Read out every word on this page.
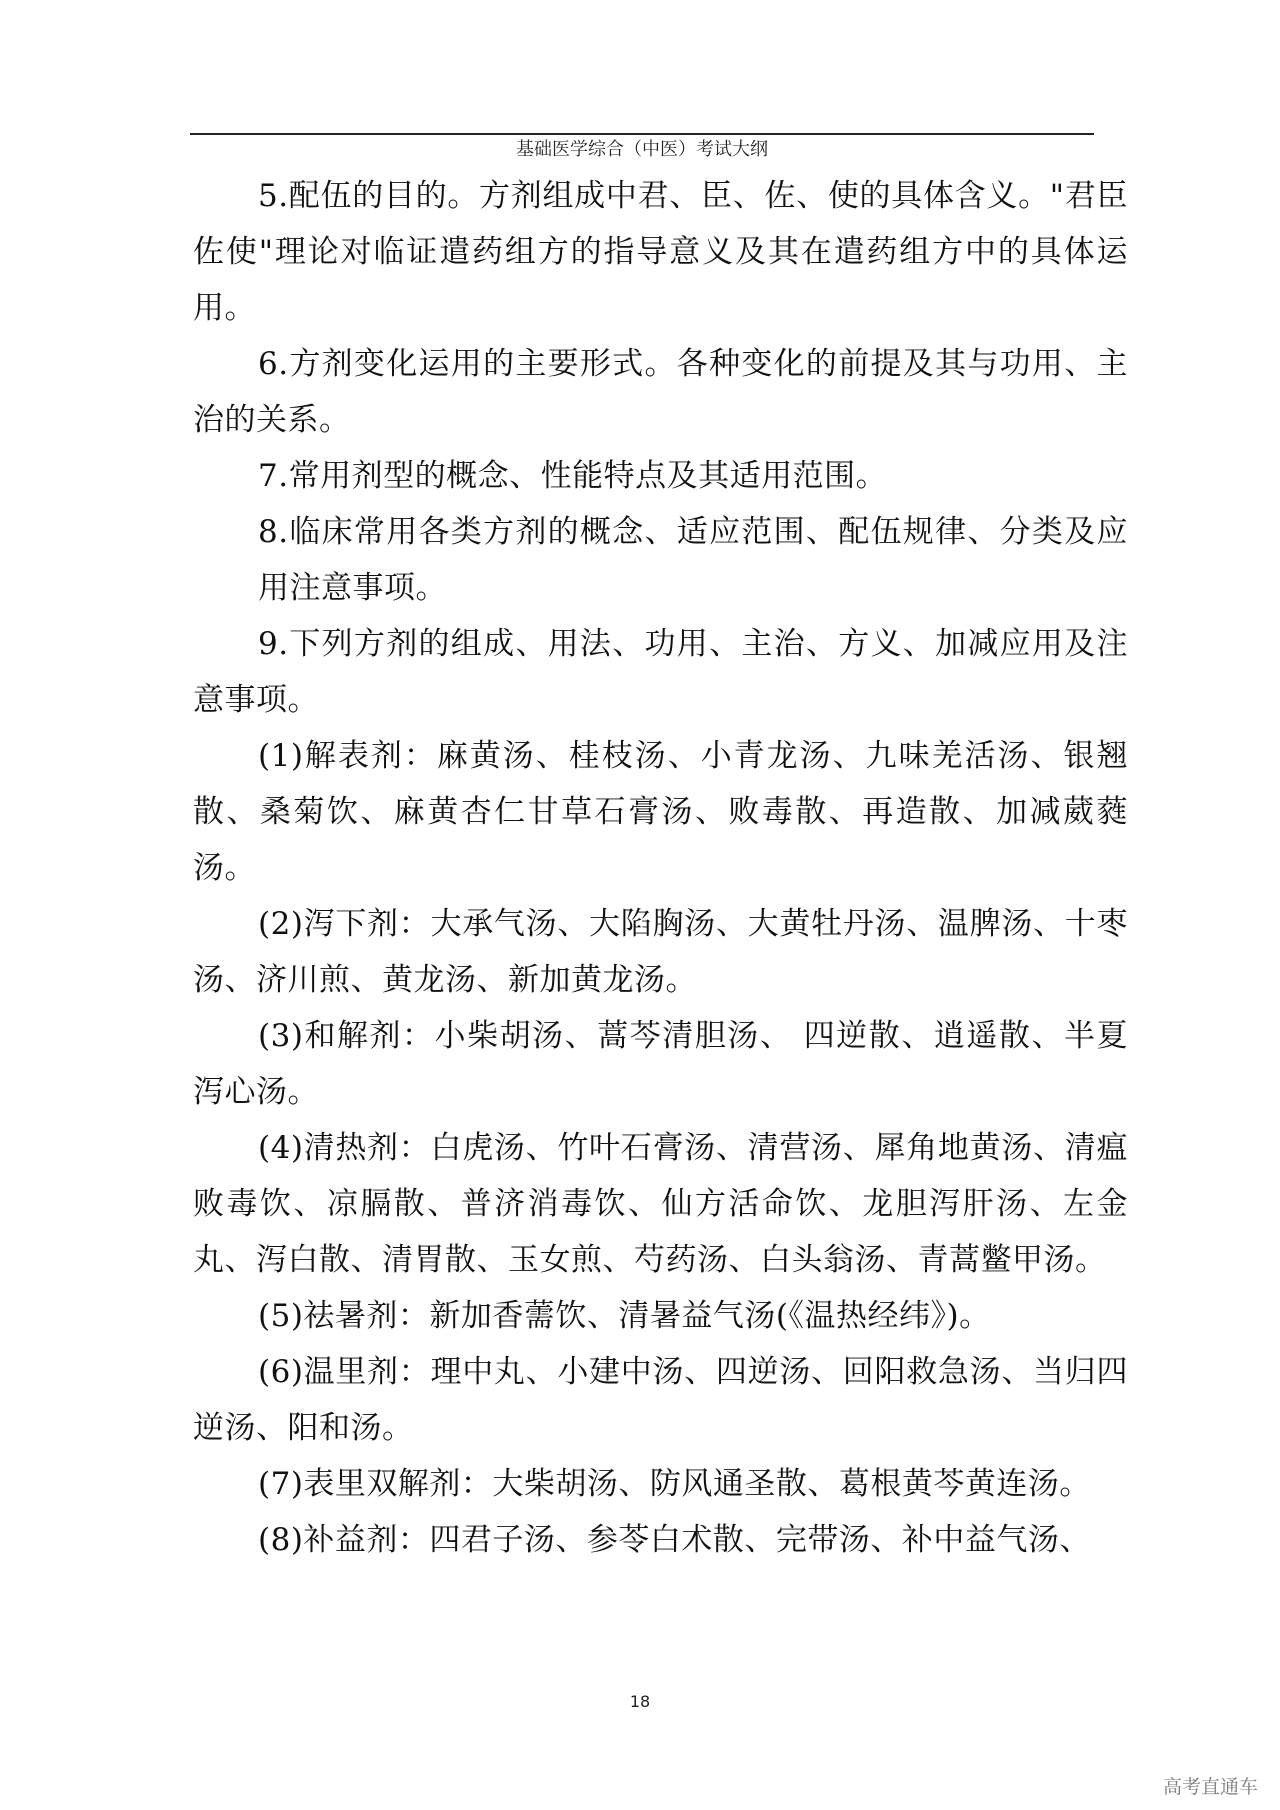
基础医学综合（中医）考试大纲

5.配伍的目的。方剂组成中君、臣、佐、使的具体含义。"君臣佐使"理论对临证遣药组方的指导意义及其在遣药组方中的具体运用。

6.方剂变化运用的主要形式。各种变化的前提及其与功用、主治的关系。

7.常用剂型的概念、性能特点及其适用范围。

8.临床常用各类方剂的概念、适应范围、配伍规律、分类及应用注意事项。

9.下列方剂的组成、用法、功用、主治、方义、加减应用及注意事项。

(1)解表剂：麻黄汤、桂枝汤、小青龙汤、九味羌活汤、银翘散、桑菊饮、麻黄杏仁甘草石膏汤、败毒散、再造散、加减葳蕤汤。

(2)泻下剂：大承气汤、大陷胸汤、大黄牡丹汤、温脾汤、十枣汤、济川煎、黄龙汤、新加黄龙汤。

(3)和解剂：小柴胡汤、蒿芩清胆汤、 四逆散、逍遥散、半夏泻心汤。

(4)清热剂：白虎汤、竹叶石膏汤、清营汤、犀角地黄汤、清瘟败毒饮、凉膈散、普济消毒饮、仙方活命饮、龙胆泻肝汤、左金丸、泻白散、清胃散、玉女煎、芍药汤、白头翁汤、青蒿鳖甲汤。

(5)祛暑剂：新加香薷饮、清暑益气汤(《温热经纬》)。

(6)温里剂：理中丸、小建中汤、四逆汤、回阳救急汤、当归四逆汤、阳和汤。

(7)表里双解剂：大柴胡汤、防风通圣散、葛根黄芩黄连汤。

(8)补益剂：四君子汤、参苓白术散、完带汤、补中益气汤、

18
高考直通车
